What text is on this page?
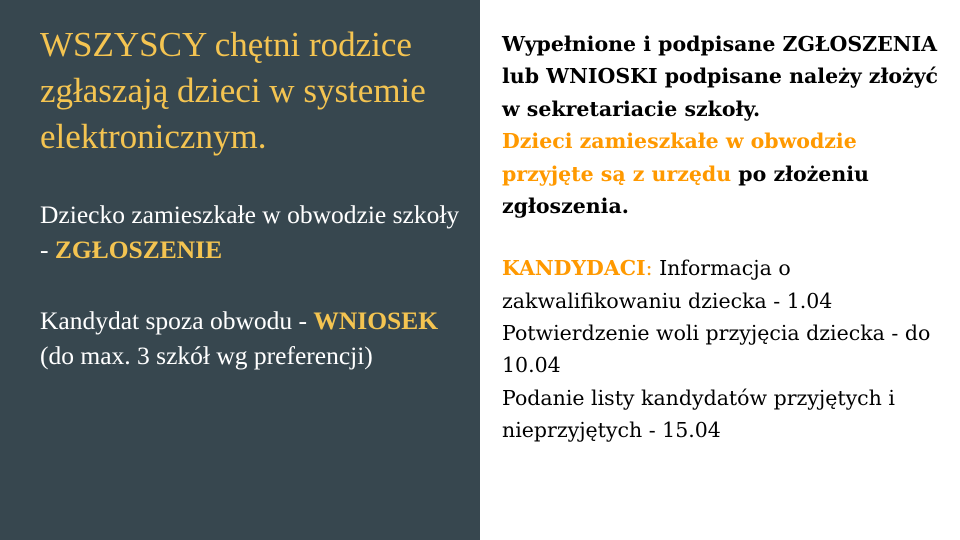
WSZYSCY chętni rodzice zgłaszają dzieci w systemie elektronicznym.

Dziecko zamieszkałe w obwodzie szkoły - ZGŁOSZENIE

Kandydat spoza obwodu - WNIOSEK (do max. 3 szkół wg preferencji)

Wypełnione i podpisane ZGŁOSZENIA lub WNIOSKI podpisane należy złożyć w sekretariacie szkoły.
Dzieci zamieszkałe w obwodzie przyjęte są z urzędu po złożeniu zgłoszenia.

KANDYDACI: Informacja o zakwalifikowaniu dziecka - 1.04
Potwierdzenie woli przyjęcia dziecka - do 10.04
Podanie listy kandydatów przyjętych i nieprzyjętych - 15.04
